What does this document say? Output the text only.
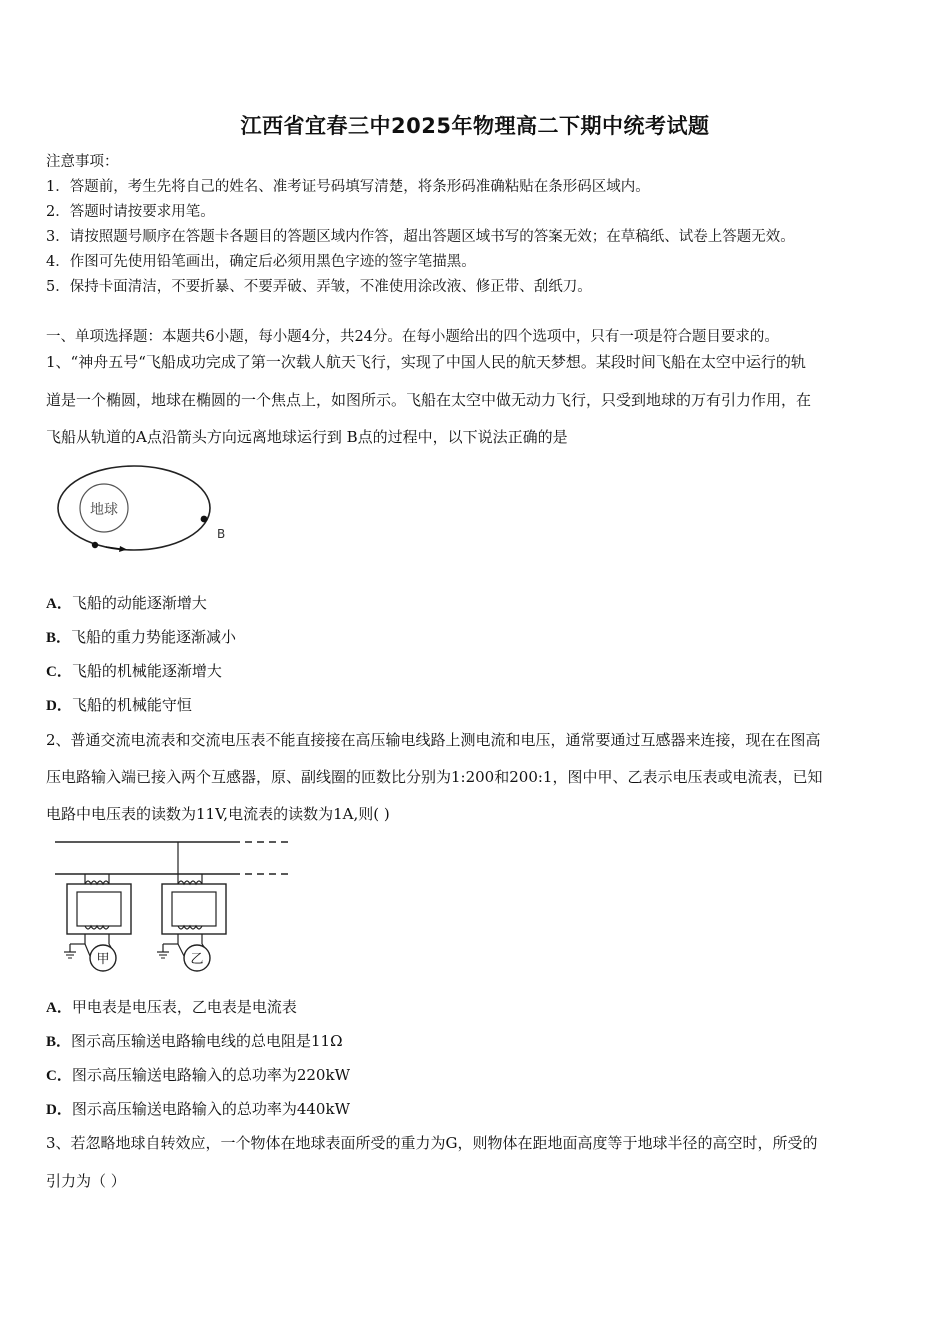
江西省宜春三中2025年物理高二下期中统考试题
注意事项：
1．答题前，考生先将自己的姓名、准考证号码填写清楚，将条形码准确粘贴在条形码区域内。
2．答题时请按要求用笔。
3．请按照题号顺序在答题卡各题目的答题区域内作答，超出答题区域书写的答案无效；在草稿纸、试卷上答题无效。
4．作图可先使用铅笔画出，确定后必须用黑色字迹的签字笔描黑。
5．保持卡面清洁，不要折暴、不要弄破、弄皱，不准使用涂改液、修正带、刮纸刀。
一、单项选择题：本题共6小题，每小题4分，共24分。在每小题给出的四个选项中，只有一项是符合题目要求的。
1、“神舟五号“飞船成功完成了第一次载人航天飞行，实现了中国人民的航天梦想。某段时间飞船在太空中运行的轨
道是一个椭圆，地球在椭圆的一个焦点上，如图所示。飞船在太空中做无动力飞行，只受到地球的万有引力作用，在
飞船从轨道的A点沿箭头方向远离地球运行到 B点的过程中，以下说法正确的是
地球
B
A．飞船的动能逐渐增大
B．飞船的重力势能逐渐减小
C．飞船的机械能逐渐增大
D．飞船的机械能守恒
2、普通交流电流表和交流电压表不能直接接在高压输电线路上测电流和电压，通常要通过互感器来连接，现在在图高
压电路输入端已接入两个互感器，原、副线圈的匝数比分别为1:200和200:1，图中甲、乙表示电压表或电流表，已知
电路中电压表的读数为11V,电流表的读数为1A,则( )
甲	乙
A．甲电表是电压表，乙电表是电流表
B．图示高压输送电路输电线的总电阻是11Ω
C．图示高压输送电路输入的总功率为220kW
D．图示高压输送电路输入的总功率为440kW
3、若忽略地球自转效应，一个物体在地球表面所受的重力为G，则物体在距地面高度等于地球半径的高空时，所受的
引力为（ ）
